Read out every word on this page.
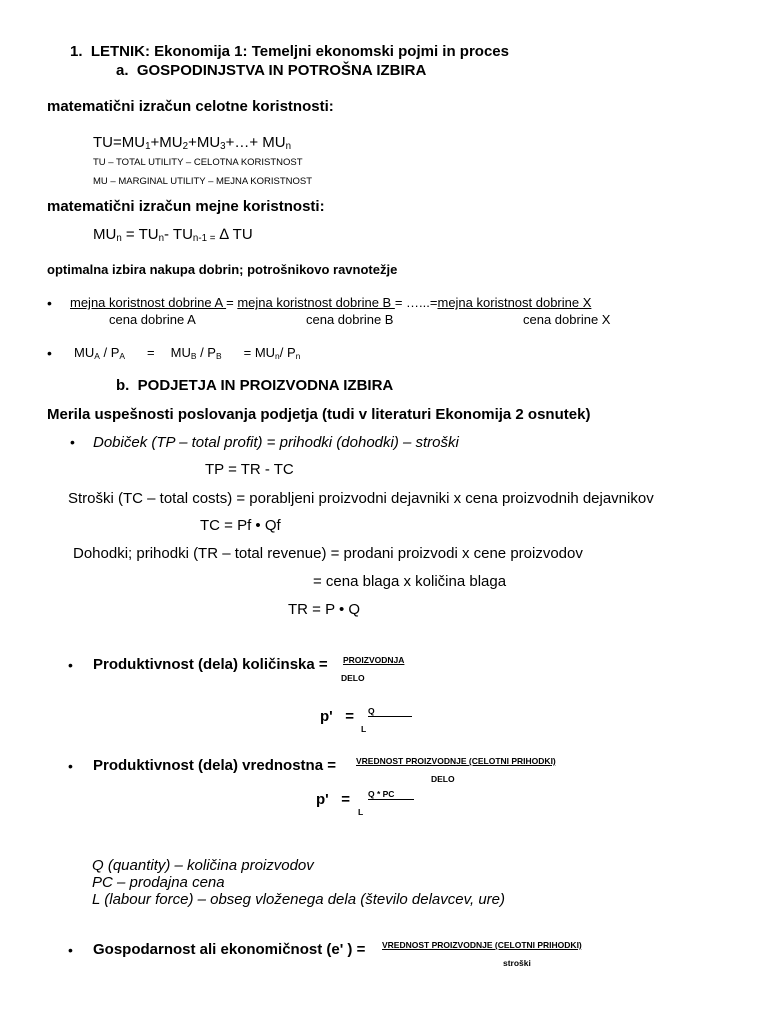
1.  LETNIK: Ekonomija 1: Temeljni ekonomski pojmi in proces
a.  GOSPODINJSTVA IN POTROŠNA IZBIRA
matematični izračun celotne koristnosti:
$TU=MU_1+MU_2+MU_3+\dots+ MU_n$
TU – TOTAL UTILITY – CELOTNA KORISTNOST
MU – MARGINAL UTILITY – MEJNA KORISTNOST
matematični izračun mejne koristnosti:
$MU_n = TU_n-$ $TU_{n-1 =}$ ∆ TU
optimalna izbira nakupa dobrin; potrošnikovo ravnotežje
• mejna koristnost dobrine A = mejna koristnost dobrine B = …...=mejna koristnost dobrine X
cena dobrine A	cena dobrine B	cena dobrine X
• $MU_A / P_A = MU_B / P_B = MU_n/$ $P_n$
b.  PODJETJA IN PROIZVODNA IZBIRA
Merila uspešnosti poslovanja podjetja (tudi v literaturi Ekonomija 2 osnutek)
• Dobiček (TP – total profit) = prihodki (dohodki) – stroški
TP = TR - TC
Stroški (TC – total costs) = porabljeni proizvodni dejavniki x cena proizvodnih dejavnikov
TC = Pf • Qf
Dohodki; prihodki (TR – total revenue) = prodani proizvodi x cene proizvodov
= cena blaga x količina blaga
TR = P • Q
• Produktivnost (dela) količinska = PROIZVODNJA
DELO
p'   = Q
L
• Produktivnost (dela) vrednostna = VREDNOST PROIZVODNJE (CELOTNI PRIHODKI)
DELO
p'   = Q * PC
L
Q (quantity) – količina proizvodov
PC – prodajna cena
L (labour force) – obseg vloženega dela (število delavcev, ure)
• Gospodarnost ali ekonomičnost (e' ) = VREDNOST PROIZVODNJE (CELOTNI PRIHODKI)
stroški
